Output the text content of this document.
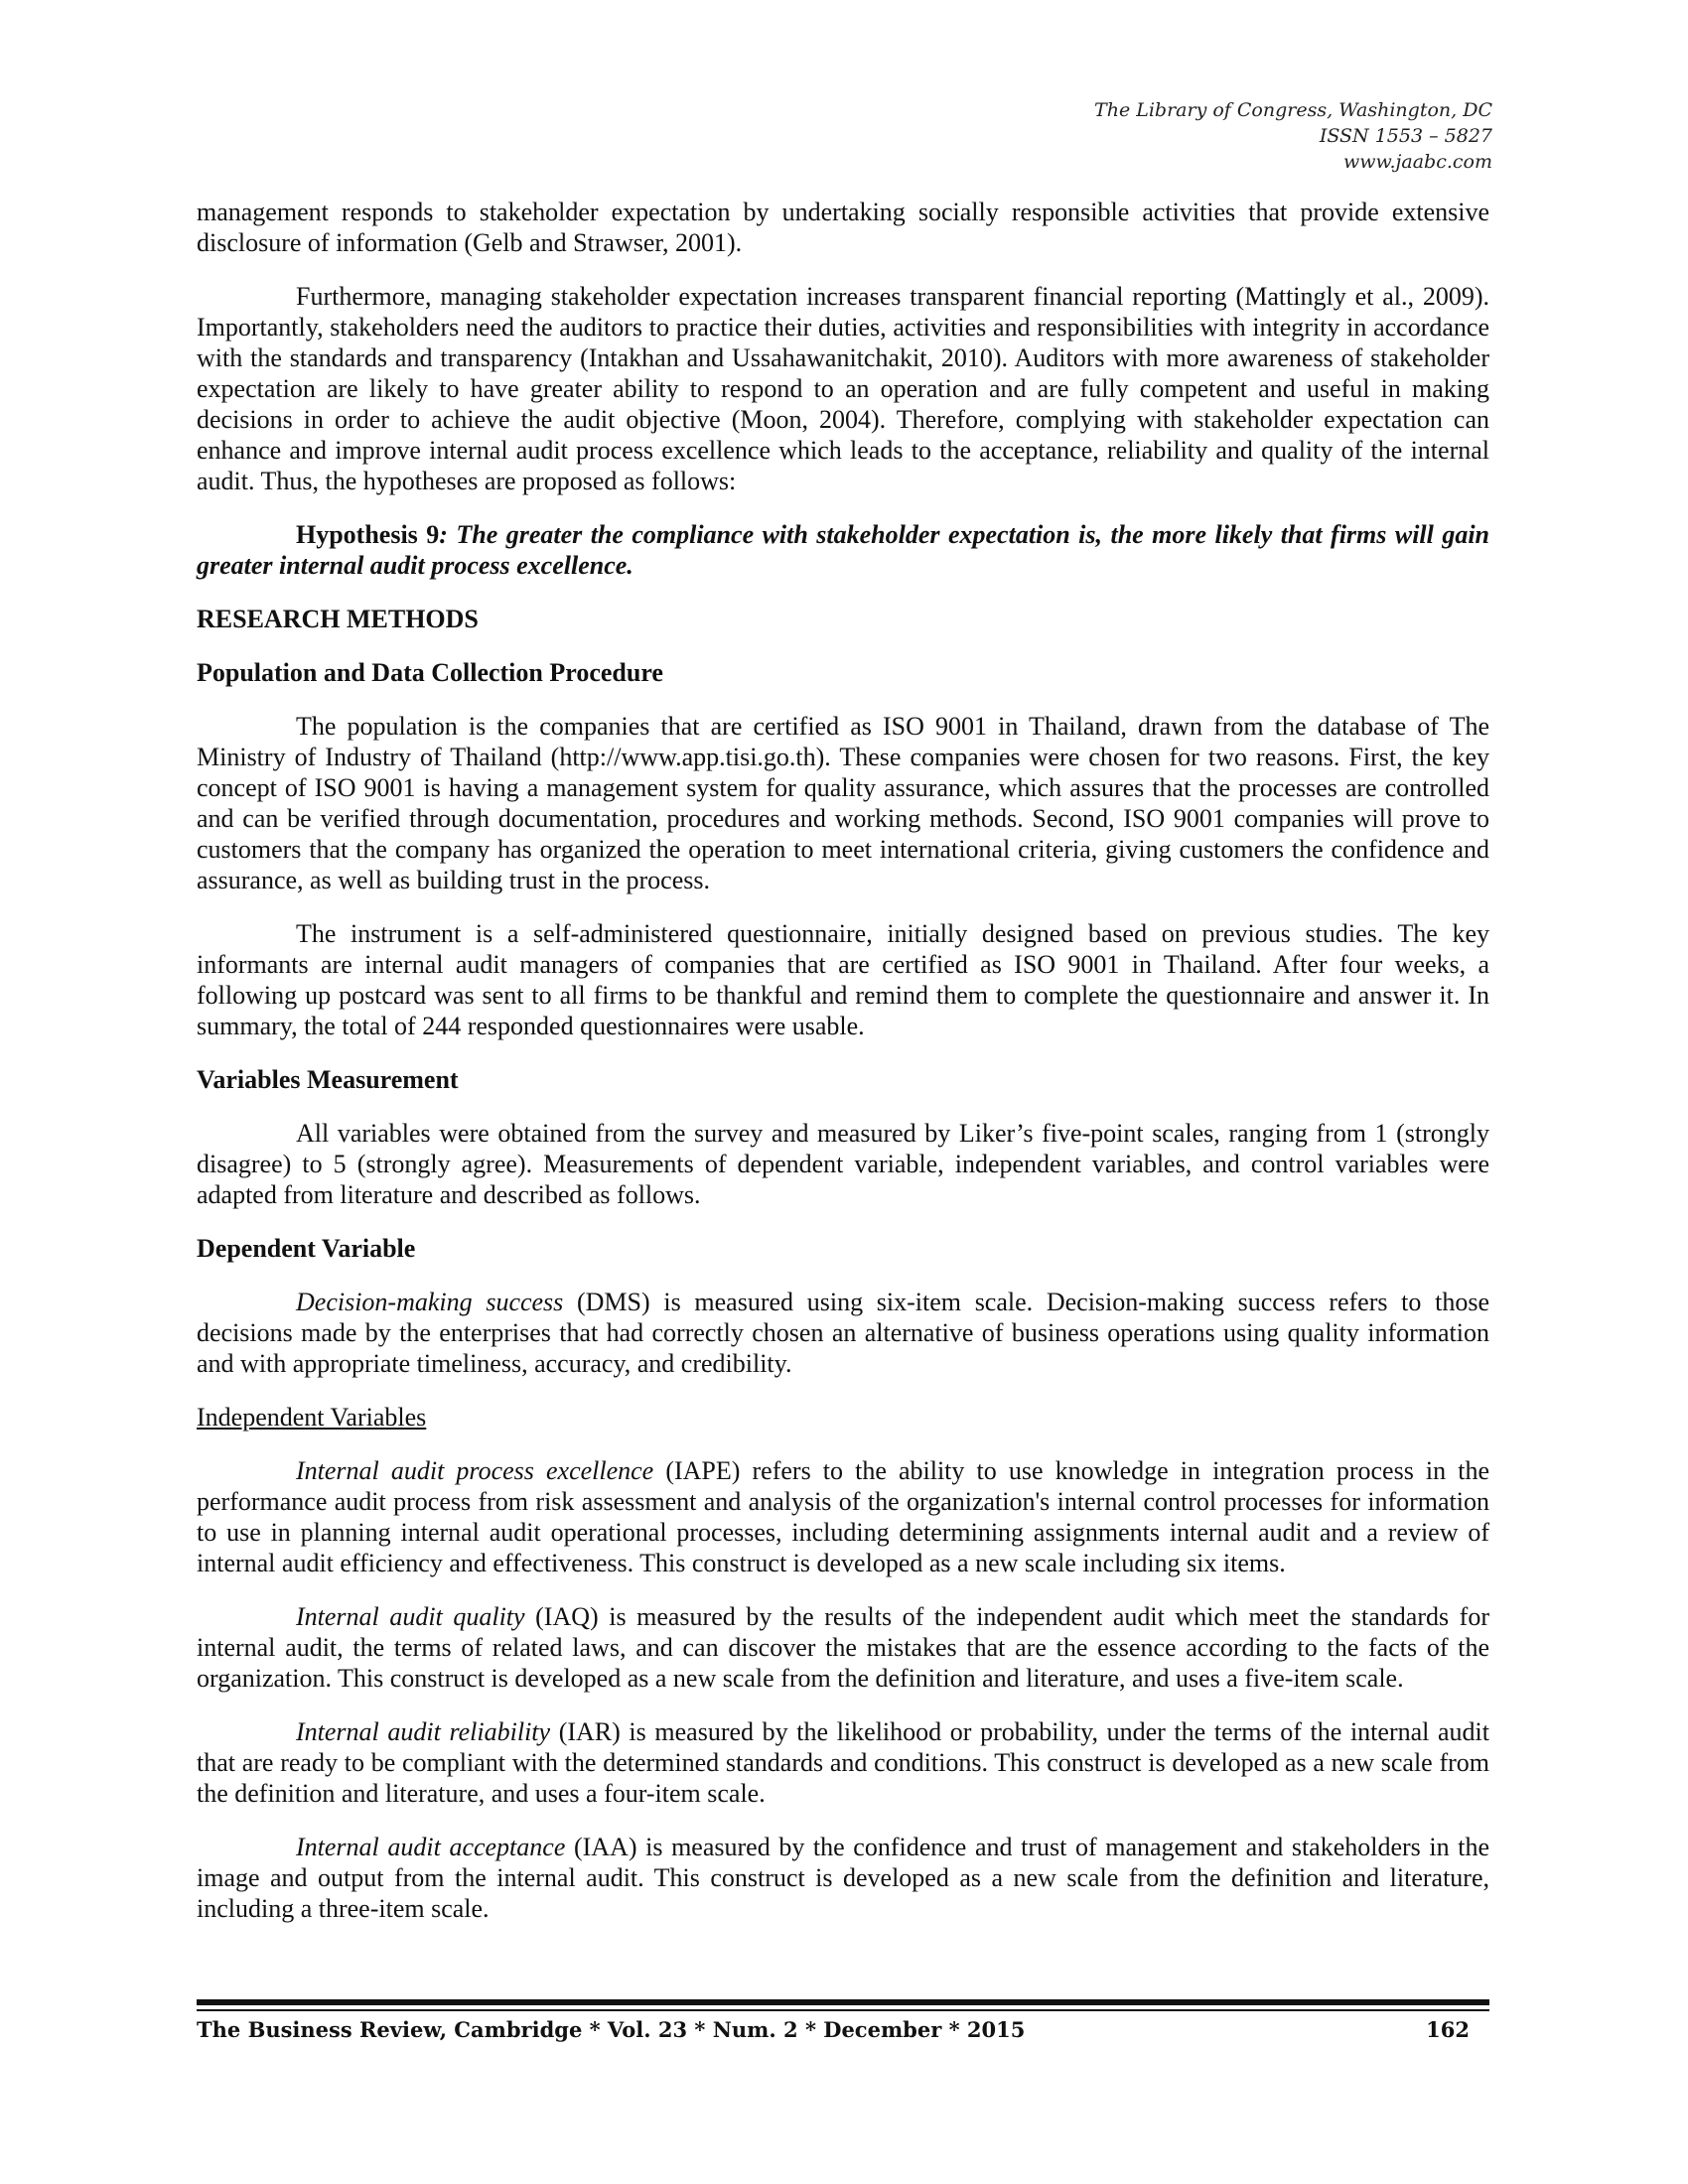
The Library of Congress, Washington, DC
ISSN 1553 – 5827
www.jaabc.com

management responds to stakeholder expectation by undertaking socially responsible activities that provide extensive disclosure of information (Gelb and Strawser, 2001).

Furthermore, managing stakeholder expectation increases transparent financial reporting (Mattingly et al., 2009). Importantly, stakeholders need the auditors to practice their duties, activities and responsibilities with integrity in accordance with the standards and transparency (Intakhan and Ussahawanitchakit, 2010). Auditors with more awareness of stakeholder expectation are likely to have greater ability to respond to an operation and are fully competent and useful in making decisions in order to achieve the audit objective (Moon, 2004). Therefore, complying with stakeholder expectation can enhance and improve internal audit process excellence which leads to the acceptance, reliability and quality of the internal audit. Thus, the hypotheses are proposed as follows:

Hypothesis 9: The greater the compliance with stakeholder expectation is, the more likely that firms will gain greater internal audit process excellence.

RESEARCH METHODS

Population and Data Collection Procedure

The population is the companies that are certified as ISO 9001 in Thailand, drawn from the database of The Ministry of Industry of Thailand (http://www.app.tisi.go.th). These companies were chosen for two reasons. First, the key concept of ISO 9001 is having a management system for quality assurance, which assures that the processes are controlled and can be verified through documentation, procedures and working methods. Second, ISO 9001 companies will prove to customers that the company has organized the operation to meet international criteria, giving customers the confidence and assurance, as well as building trust in the process.

The instrument is a self-administered questionnaire, initially designed based on previous studies. The key informants are internal audit managers of companies that are certified as ISO 9001 in Thailand. After four weeks, a following up postcard was sent to all firms to be thankful and remind them to complete the questionnaire and answer it. In summary, the total of 244 responded questionnaires were usable.

Variables Measurement

All variables were obtained from the survey and measured by Liker’s five-point scales, ranging from 1 (strongly disagree) to 5 (strongly agree). Measurements of dependent variable, independent variables, and control variables were adapted from literature and described as follows.

Dependent Variable

Decision-making success (DMS) is measured using six-item scale. Decision-making success refers to those decisions made by the enterprises that had correctly chosen an alternative of business operations using quality information and with appropriate timeliness, accuracy, and credibility.

Independent Variables

Internal audit process excellence (IAPE) refers to the ability to use knowledge in integration process in the performance audit process from risk assessment and analysis of the organization's internal control processes for information to use in planning internal audit operational processes, including determining assignments internal audit and a review of internal audit efficiency and effectiveness. This construct is developed as a new scale including six items.

Internal audit quality (IAQ) is measured by the results of the independent audit which meet the standards for internal audit, the terms of related laws, and can discover the mistakes that are the essence according to the facts of the organization. This construct is developed as a new scale from the definition and literature, and uses a five-item scale.

Internal audit reliability (IAR) is measured by the likelihood or probability, under the terms of the internal audit that are ready to be compliant with the determined standards and conditions. This construct is developed as a new scale from the definition and literature, and uses a four-item scale.

Internal audit acceptance (IAA) is measured by the confidence and trust of management and stakeholders in the image and output from the internal audit. This construct is developed as a new scale from the definition and literature, including a three-item scale.

The Business Review, Cambridge * Vol. 23 * Num. 2 * December * 2015	162
